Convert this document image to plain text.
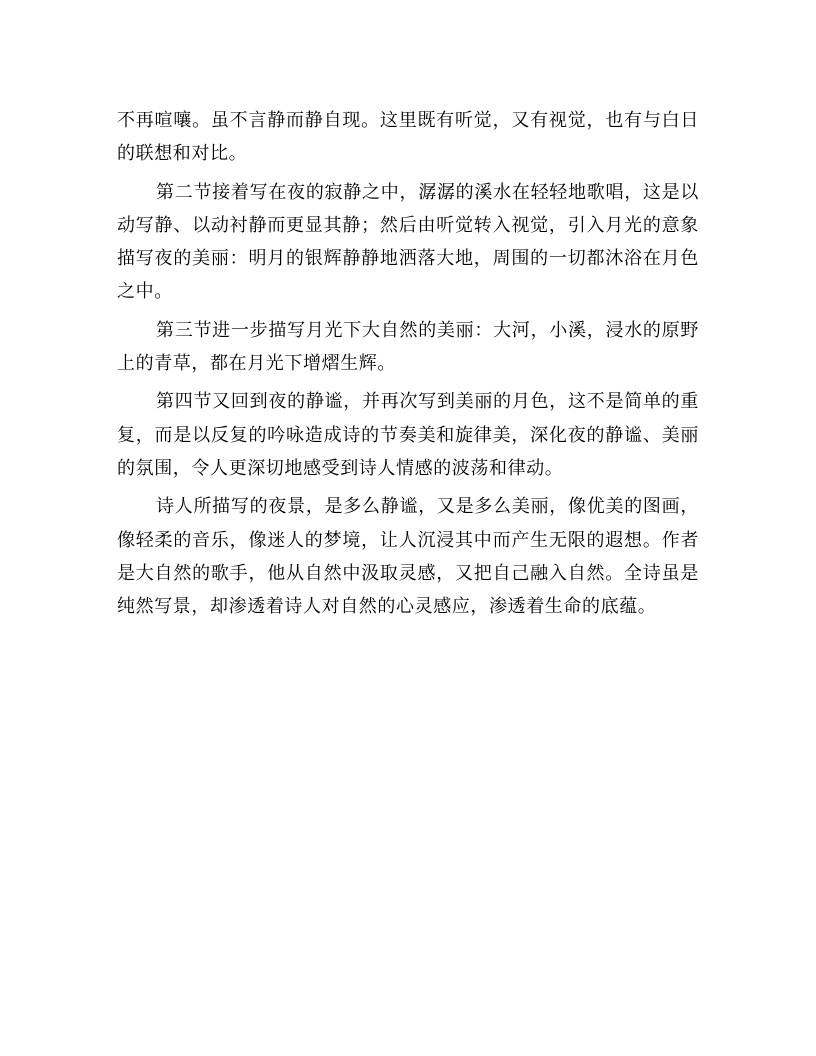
不再喧嚷。虽不言静而静自现。这里既有听觉，又有视觉，也有与白日的联想和对比。

第二节接着写在夜的寂静之中，潺潺的溪水在轻轻地歌唱，这是以动写静、以动衬静而更显其静；然后由听觉转入视觉，引入月光的意象描写夜的美丽：明月的银辉静静地洒落大地，周围的一切都沐浴在月色之中。

第三节进一步描写月光下大自然的美丽：大河，小溪，浸水的原野上的青草，都在月光下增熠生辉。

第四节又回到夜的静谧，并再次写到美丽的月色，这不是简单的重复，而是以反复的吟咏造成诗的节奏美和旋律美，深化夜的静谧、美丽的氛围，令人更深切地感受到诗人情感的波荡和律动。

诗人所描写的夜景，是多么静谧，又是多么美丽，像优美的图画，像轻柔的音乐，像迷人的梦境，让人沉浸其中而产生无限的遐想。作者是大自然的歌手，他从自然中汲取灵感，又把自己融入自然。全诗虽是纯然写景，却渗透着诗人对自然的心灵感应，渗透着生命的底蕴。
